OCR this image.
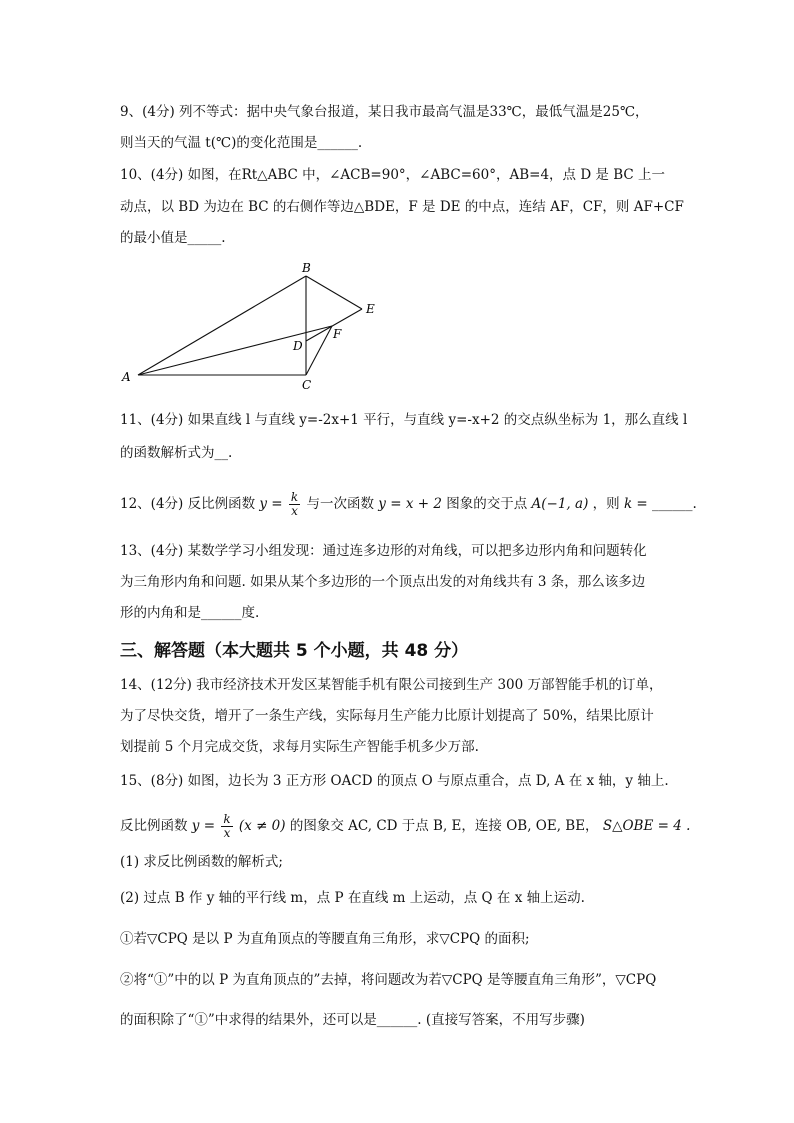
9、(4分) 列不等式：据中央气象台报道，某日我市最高气温是33℃，最低气温是25℃，
则当天的气温 t(℃)的变化范围是______.
10、(4分) 如图，在Rt△ABC 中，∠ACB=90°，∠ABC=60°，AB=4，点 D 是 BC 上一
动点，以 BD 为边在 BC 的右侧作等边△BDE，F 是 DE 的中点，连结 AF，CF，则 AF+CF
的最小值是_____.
A
B
C
D
E
F
11、(4分) 如果直线 l 与直线 y=-2x+1 平行，与直线 y=-x+2 的交点纵坐标为 1，那么直线 l
的函数解析式为__.
12、(4分) 反比例函数 $y = \frac{k}{x}$ 与一次函数 y = x + 2 图象的交于点 A(−1, a) ，则 k = ______.
13、(4分) 某数学学习小组发现：通过连多边形的对角线，可以把多边形内角和问题转化
为三角形内角和问题. 如果从某个多边形的一个顶点出发的对角线共有 3 条，那么该多边
形的内角和是______度.
三、解答题（本大题共 5 个小题，共 48 分）
14、(12分) 我市经济技术开发区某智能手机有限公司接到生产 300 万部智能手机的订单，
为了尽快交货，增开了一条生产线，实际每月生产能力比原计划提高了 50%，结果比原计
划提前 5 个月完成交货，求每月实际生产智能手机多少万部.
15、(8分) 如图，边长为 3 正方形 OACD 的顶点 O 与原点重合，点 D, A 在 x 轴，y 轴上.
反比例函数 $y = \frac{k}{x} (x \ne 0)$ 的图象交 AC, CD 于点 B, E，连接 OB, OE, BE， S△OBE = 4 .
(1) 求反比例函数的解析式;
(2) 过点 B 作 y 轴的平行线 m，点 P 在直线 m 上运动，点 Q 在 x 轴上运动.
①若▽CPQ 是以 P 为直角顶点的等腰直角三角形，求▽CPQ 的面积;
②将“①”中的以 P 为直角顶点的”去掉，将问题改为若▽CPQ 是等腰直角三角形”，▽CPQ
的面积除了“①”中求得的结果外，还可以是______. (直接写答案，不用写步骤)
